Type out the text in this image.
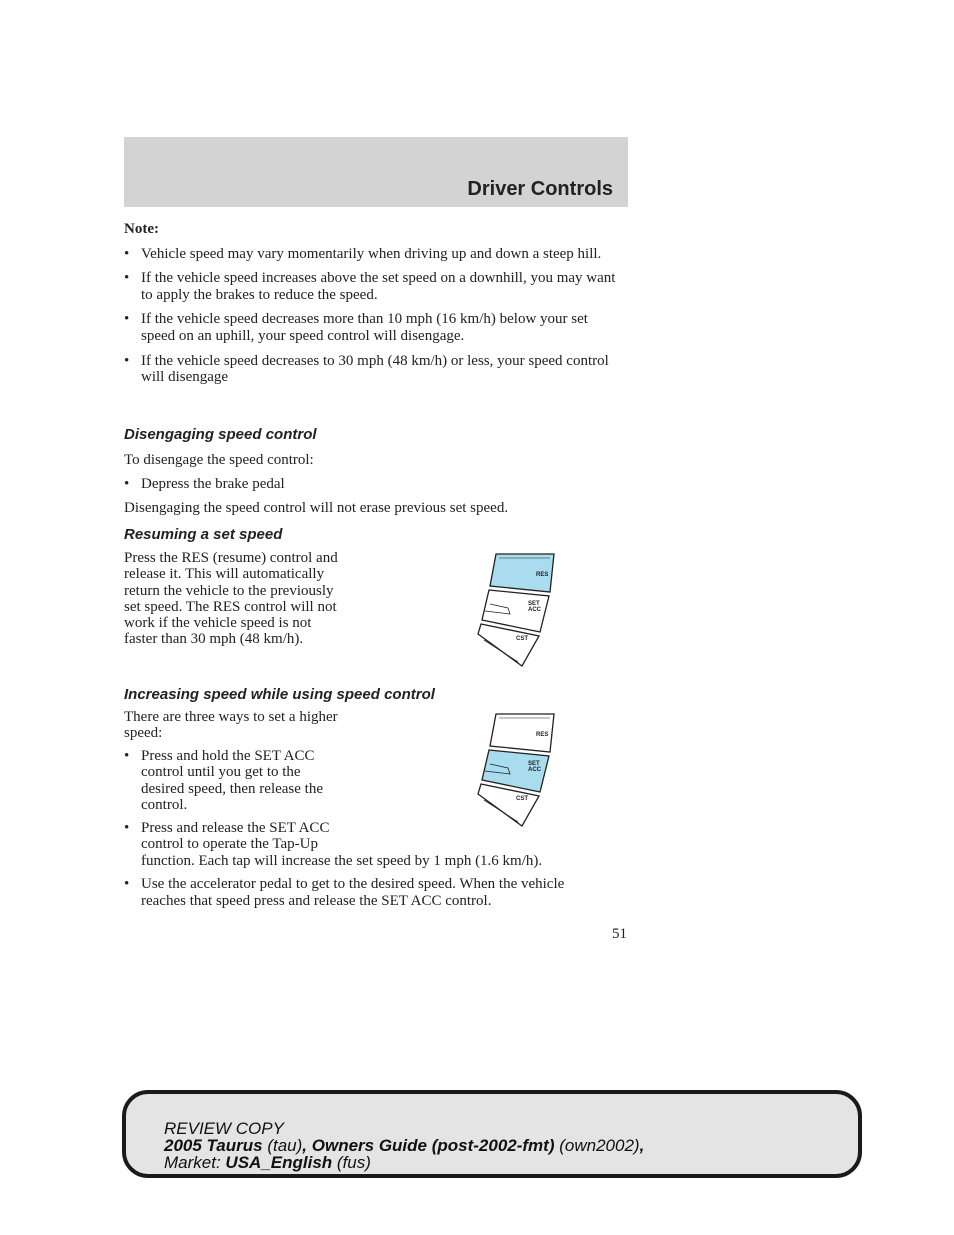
Driver Controls

Note:

• Vehicle speed may vary momentarily when driving up and down a steep hill.
• If the vehicle speed increases above the set speed on a downhill, you may want to apply the brakes to reduce the speed.
• If the vehicle speed decreases more than 10 mph (16 km/h) below your set speed on an uphill, your speed control will disengage.
• If the vehicle speed decreases to 30 mph (48 km/h) or less, your speed control will disengage
Disengaging speed control

To disengage the speed control:

• Depress the brake pedal

Disengaging the speed control will not erase previous set speed.

Resuming a set speed
Press the RES (resume) control and
release it. This will automatically
return the vehicle to the previously
set speed. The RES control will not
work if the vehicle speed is not
faster than 30 mph (48 km/h).
RES
SET
ACC
CST
Increasing speed while using speed control
There are three ways to set a higher
speed:
• Press and hold the SET ACC
control until you get to the
desired speed, then release the
control.
• Press and release the SET ACC
control to operate the Tap-Up
function. Each tap will increase the set speed by 1 mph (1.6 km/h).
• Use the accelerator pedal to get to the desired speed. When the vehicle reaches that speed press and release the SET ACC control.
RES
SET
ACC
CST
51
REVIEW COPY
2005 Taurus (tau), Owners Guide (post-2002-fmt) (own2002),
Market: USA_English (fus)
